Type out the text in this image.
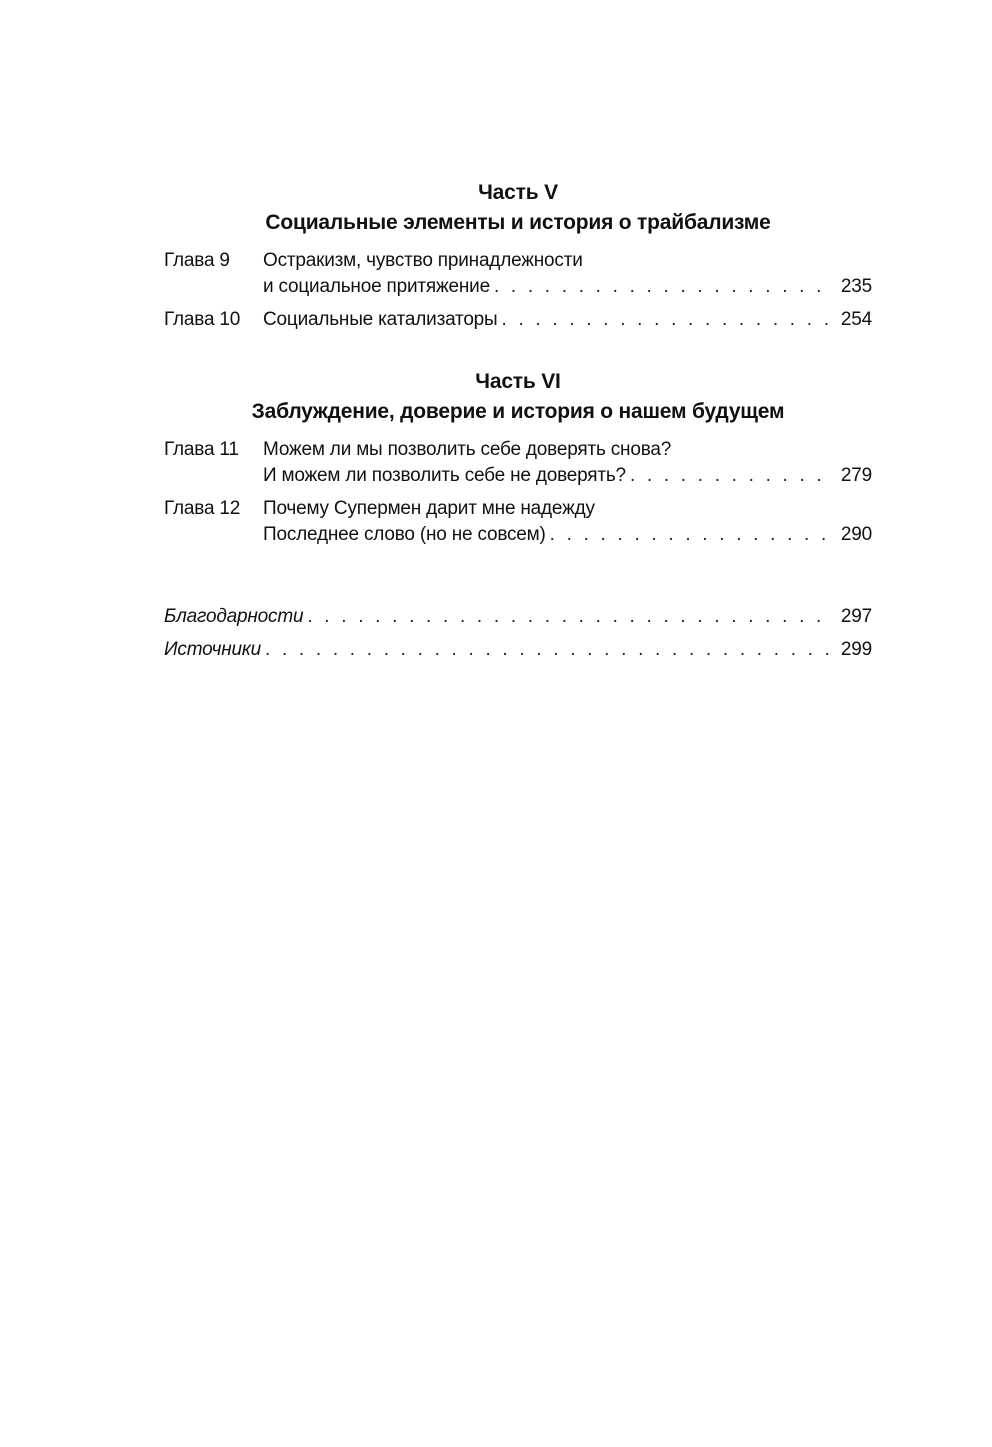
Часть V
Социальные элементы и история о трайбализме
Глава 9	Остракизм, чувство принадлежности
и социальное притяжение . . .	235
Глава 10	Социальные катализаторы . . .	254
Часть VI
Заблуждение, доверие и история о нашем будущем
Глава 11	Можем ли мы позволить себе доверять снова?
И можем ли позволить себе не доверять? . . .	279
Глава 12	Почему Супермен дарит мне надежду
Последнее слово (но не совсем) . . .	290
Благодарности . . .	297
Источники . . .	299
